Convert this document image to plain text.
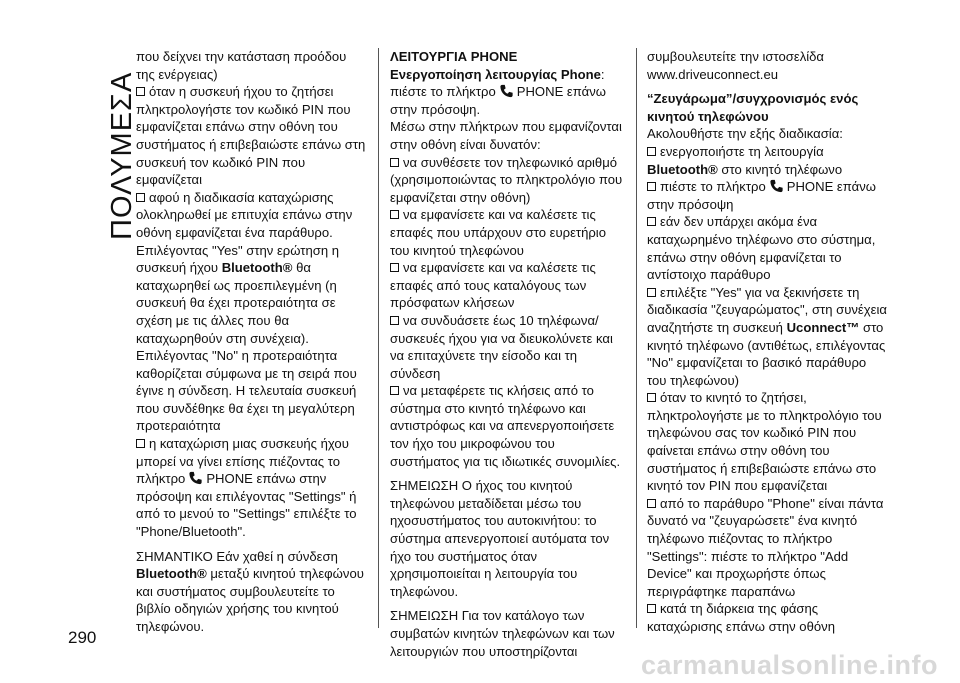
ΠΟΛΥΜΕΣΑ
290

που δείχνει την κατάσταση προόδου της ενέργειας)

όταν η συσκευή ήχου το ζητήσει πληκτρολογήστε τον κωδικό PIN που εμφανίζεται επάνω στην οθόνη του συστήματος ή επιβεβαιώστε επάνω στη συσκευή τον κωδικό PIN που εμφανίζεται

αφού η διαδικασία καταχώρισης ολοκληρωθεί με επιτυχία επάνω στην οθόνη εμφανίζεται ένα παράθυρο.

Επιλέγοντας "Yes" στην ερώτηση η συσκευή ήχου Bluetooth® θα καταχωρηθεί ως προεπιλεγμένη (η συσκευή θα έχει προτεραιότητα σε σχέση με τις άλλες που θα καταχωρηθούν στη συνέχεια). Επιλέγοντας "No" η προτεραιότητα καθορίζεται σύμφωνα με τη σειρά που έγινε η σύνδεση. Η τελευταία συσκευή που συνδέθηκε θα έχει τη μεγαλύτερη προτεραιότητα

η καταχώριση μιας συσκευής ήχου μπορεί να γίνει επίσης πιέζοντας το πλήκτρο PHONE επάνω στην πρόσοψη και επιλέγοντας "Settings" ή από το μενού το "Settings" επιλέξτε το "Phone/Bluetooth".

ΣΗΜΑΝΤΙΚΟ Εάν χαθεί η σύνδεση Bluetooth® μεταξύ κινητού τηλεφώνου και συστήματος συμβουλευτείτε το βιβλίο οδηγιών χρήσης του κινητού τηλεφώνου.

ΛΕΙΤΟΥΡΓΙΑ PHONE

Ενεργοποίηση λειτουργίας Phone: πιέστε το πλήκτρο PHONE επάνω στην πρόσοψη.

Μέσω στην πλήκτρων που εμφανίζονται στην οθόνη είναι δυνατόν:

να συνθέσετε τον τηλεφωνικό αριθμό (χρησιμοποιώντας το πληκτρολόγιο που εμφανίζεται στην οθόνη)

να εμφανίσετε και να καλέσετε τις επαφές που υπάρχουν στο ευρετήριο του κινητού τηλεφώνου

να εμφανίσετε και να καλέσετε τις επαφές από τους καταλόγους των πρόσφατων κλήσεων

να συνδυάσετε έως 10 τηλέφωνα/συσκευές ήχου για να διευκολύνετε και να επιταχύνετε την είσοδο και τη σύνδεση

να μεταφέρετε τις κλήσεις από το σύστημα στο κινητό τηλέφωνο και αντιστρόφως και να απενεργοποιήσετε τον ήχο του μικροφώνου του συστήματος για τις ιδιωτικές συνομιλίες.

ΣΗΜΕΙΩΣΗ Ο ήχος του κινητού τηλεφώνου μεταδίδεται μέσω του ηχοσυστήματος του αυτοκινήτου: το σύστημα απενεργοποιεί αυτόματα τον ήχο του συστήματος όταν χρησιμοποιείται η λειτουργία του τηλεφώνου.

ΣΗΜΕΙΩΣΗ Για τον κατάλογο των συμβατών κινητών τηλεφώνων και των λειτουργιών που υποστηρίζονται

συμβουλευτείτε την ιστοσελίδα www.driveuconnect.eu

“Ζευγάρωμα”/συγχρονισμός ενός κινητού τηλεφώνου

Ακολουθήστε την εξής διαδικασία:

ενεργοποιήστε τη λειτουργία Bluetooth® στο κινητό τηλέφωνο

πιέστε το πλήκτρο PHONE επάνω στην πρόσοψη

εάν δεν υπάρχει ακόμα ένα καταχωρημένο τηλέφωνο στο σύστημα, επάνω στην οθόνη εμφανίζεται το αντίστοιχο παράθυρο

επιλέξτε "Yes" για να ξεκινήσετε τη διαδικασία "ζευγαρώματος", στη συνέχεια αναζητήστε τη συσκευή Uconnect™ στο κινητό τηλέφωνο (αντιθέτως, επιλέγοντας "No" εμφανίζεται το βασικό παράθυρο του τηλεφώνου)

όταν το κινητό το ζητήσει, πληκτρολογήστε με το πληκτρολόγιο του τηλεφώνου σας τον κωδικό PIN που φαίνεται επάνω στην οθόνη του συστήματος ή επιβεβαιώστε επάνω στο κινητό τον PIN που εμφανίζεται

από το παράθυρο "Phone" είναι πάντα δυνατό να "ζευγαρώσετε" ένα κινητό τηλέφωνο πιέζοντας το πλήκτρο "Settings": πιέστε το πλήκτρο "Add Device" και προχωρήστε όπως περιγράφτηκε παραπάνω

κατά τη διάρκεια της φάσης καταχώρισης επάνω στην οθόνη

carmanualsonline.info
